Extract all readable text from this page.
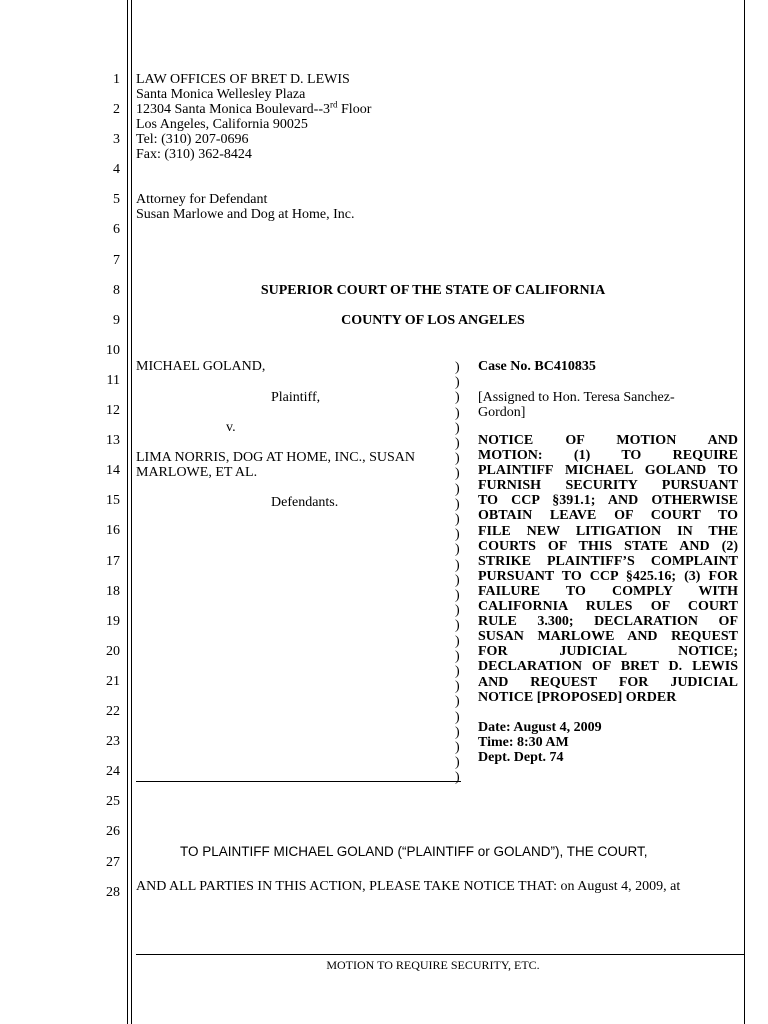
1
2
3
4
5
6
7
8
9
10
11
12
13
14
15
16
17
18
19
20
21
22
23
24
25
26
27
28
LAW OFFICES OF BRET D. LEWIS
Santa Monica Wellesley Plaza
12304 Santa Monica Boulevard--3rd Floor
Los Angeles, California 90025
Tel: (310) 207-0696
Fax: (310) 362-8424
Attorney for Defendant
Susan Marlowe and Dog at Home, Inc.
SUPERIOR COURT OF THE STATE OF CALIFORNIA
COUNTY OF LOS ANGELES
MICHAEL GOLAND,
Plaintiff,
v.
LIMA NORRIS, DOG AT HOME, INC., SUSAN
MARLOWE, ET AL.
Defendants.
)
)
)
)
)
)
)
)
)
)
)
)
)
)
)
)
)
)
)
)
)
)
)
)
)
)
)
)
Case No. BC410835
[Assigned to Hon. Teresa Sanchez-
Gordon]
NOTICE OF MOTION AND
MOTION: (1) TO REQUIRE
PLAINTIFF MICHAEL GOLAND TO
FURNISH SECURITY PURSUANT
TO CCP §391.1; AND OTHERWISE
OBTAIN LEAVE OF COURT TO
FILE NEW LITIGATION IN THE
COURTS OF THIS STATE AND (2)
STRIKE PLAINTIFF’S COMPLAINT
PURSUANT TO CCP §425.16; (3) FOR
FAILURE TO COMPLY WITH
CALIFORNIA RULES OF COURT
RULE 3.300; DECLARATION OF
SUSAN MARLOWE AND REQUEST
FOR JUDICIAL NOTICE;
DECLARATION OF BRET D. LEWIS
AND REQUEST FOR JUDICIAL
NOTICE [PROPOSED] ORDER
Date: August 4, 2009
Time: 8:30 AM
Dept. Dept. 74
TO PLAINTIFF MICHAEL GOLAND (“PLAINTIFF or GOLAND”), THE COURT,
AND ALL PARTIES IN THIS ACTION, PLEASE TAKE NOTICE THAT: on August 4, 2009, at
MOTION TO REQUIRE SECURITY, ETC.
